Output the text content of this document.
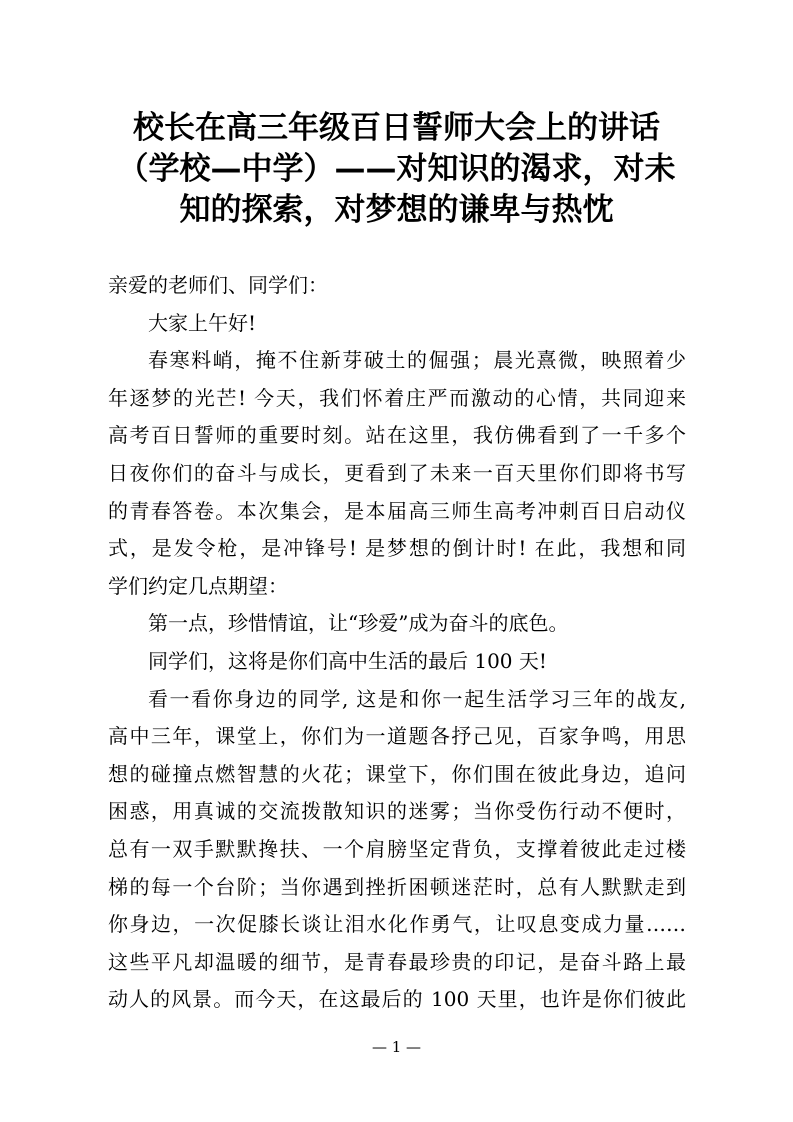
校长在高三年级百日誓师大会上的讲话
（学校—中学）——对知识的渴求，对未
知的探索，对梦想的谦卑与热忱
亲爱的老师们、同学们：
大家上午好!
春寒料峭，掩不住新芽破土的倔强；晨光熹微，映照着少
年逐梦的光芒! 今天，我们怀着庄严而激动的心情，共同迎来
高考百日誓师的重要时刻。站在这里，我仿佛看到了一千多个
日夜你们的奋斗与成长，更看到了未来一百天里你们即将书写
的青春答卷。本次集会，是本届高三师生高考冲刺百日启动仪
式，是发令枪，是冲锋号! 是梦想的倒计时! 在此，我想和同
学们约定几点期望：
第一点，珍惜情谊，让“珍爱”成为奋斗的底色。
同学们，这将是你们高中生活的最后 100 天!
看一看你身边的同学, 这是和你一起生活学习三年的战友,
高中三年，课堂上，你们为一道题各抒己见，百家争鸣，用思
想的碰撞点燃智慧的火花；课堂下，你们围在彼此身边，追问
困惑，用真诚的交流拨散知识的迷雾；当你受伤行动不便时，
总有一双手默默搀扶、一个肩膀坚定背负，支撑着彼此走过楼
梯的每一个台阶；当你遇到挫折困顿迷茫时，总有人默默走到
你身边，一次促膝长谈让泪水化作勇气，让叹息变成力量……
这些平凡却温暖的细节，是青春最珍贵的印记，是奋斗路上最
动人的风景。而今天，在这最后的 100 天里，也许是你们彼此
— 1 —
